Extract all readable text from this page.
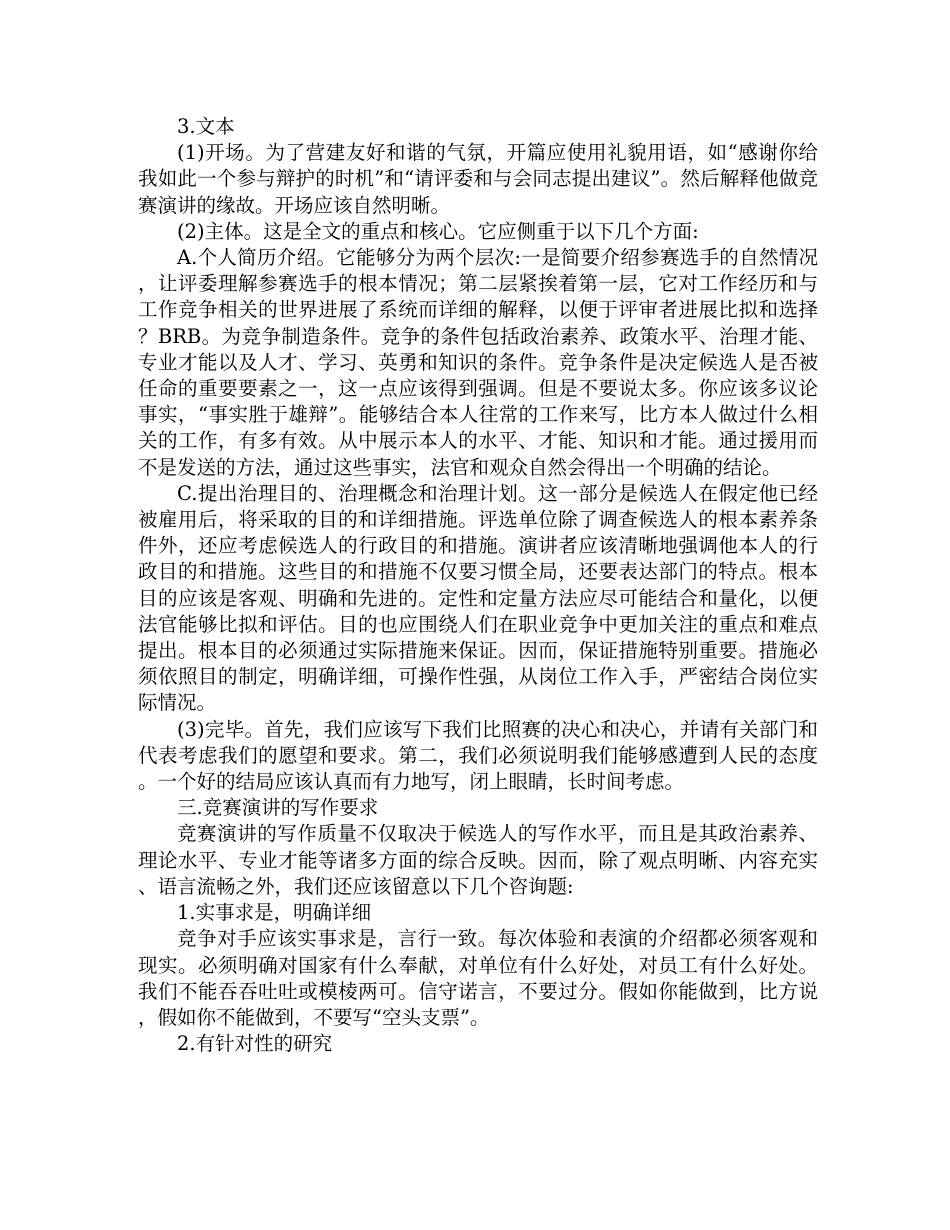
3.文本

(1)开场。为了营建友好和谐的气氛，开篇应使用礼貌用语，如“感谢你给我如此一个参与辩护的时机”和“请评委和与会同志提出建议”。然后解释他做竞赛演讲的缘故。开场应该自然明晰。

(2)主体。这是全文的重点和核心。它应侧重于以下几个方面:

A.个人简历介绍。它能够分为两个层次:一是简要介绍参赛选手的自然情况，让评委理解参赛选手的根本情况；第二层紧挨着第一层，它对工作经历和与工作竞争相关的世界进展了系统而详细的解释，以便于评审者进展比拟和选择？BRB。为竞争制造条件。竞争的条件包括政治素养、政策水平、治理才能、专业才能以及人才、学习、英勇和知识的条件。竞争条件是决定候选人是否被任命的重要要素之一，这一点应该得到强调。但是不要说太多。你应该多议论事实，“事实胜于雄辩”。能够结合本人往常的工作来写，比方本人做过什么相关的工作，有多有效。从中展示本人的水平、才能、知识和才能。通过援用而不是发送的方法，通过这些事实，法官和观众自然会得出一个明确的结论。

C.提出治理目的、治理概念和治理计划。这一部分是候选人在假定他已经被雇用后，将采取的目的和详细措施。评选单位除了调查候选人的根本素养条件外，还应考虑候选人的行政目的和措施。演讲者应该清晰地强调他本人的行政目的和措施。这些目的和措施不仅要习惯全局，还要表达部门的特点。根本目的应该是客观、明确和先进的。定性和定量方法应尽可能结合和量化，以便法官能够比拟和评估。目的也应围绕人们在职业竞争中更加关注的重点和难点提出。根本目的必须通过实际措施来保证。因而，保证措施特别重要。措施必须依照目的制定，明确详细，可操作性强，从岗位工作入手，严密结合岗位实际情况。

(3)完毕。首先，我们应该写下我们比照赛的决心和决心，并请有关部门和代表考虑我们的愿望和要求。第二，我们必须说明我们能够感遭到人民的态度。一个好的结局应该认真而有力地写，闭上眼睛，长时间考虑。

三.竞赛演讲的写作要求

竞赛演讲的写作质量不仅取决于候选人的写作水平，而且是其政治素养、理论水平、专业才能等诸多方面的综合反映。因而，除了观点明晰、内容充实、语言流畅之外，我们还应该留意以下几个咨询题:

1.实事求是，明确详细

竞争对手应该实事求是，言行一致。每次体验和表演的介绍都必须客观和现实。必须明确对国家有什么奉献，对单位有什么好处，对员工有什么好处。我们不能吞吞吐吐或模棱两可。信守诺言，不要过分。假如你能做到，比方说，假如你不能做到，不要写“空头支票”。

2.有针对性的研究
